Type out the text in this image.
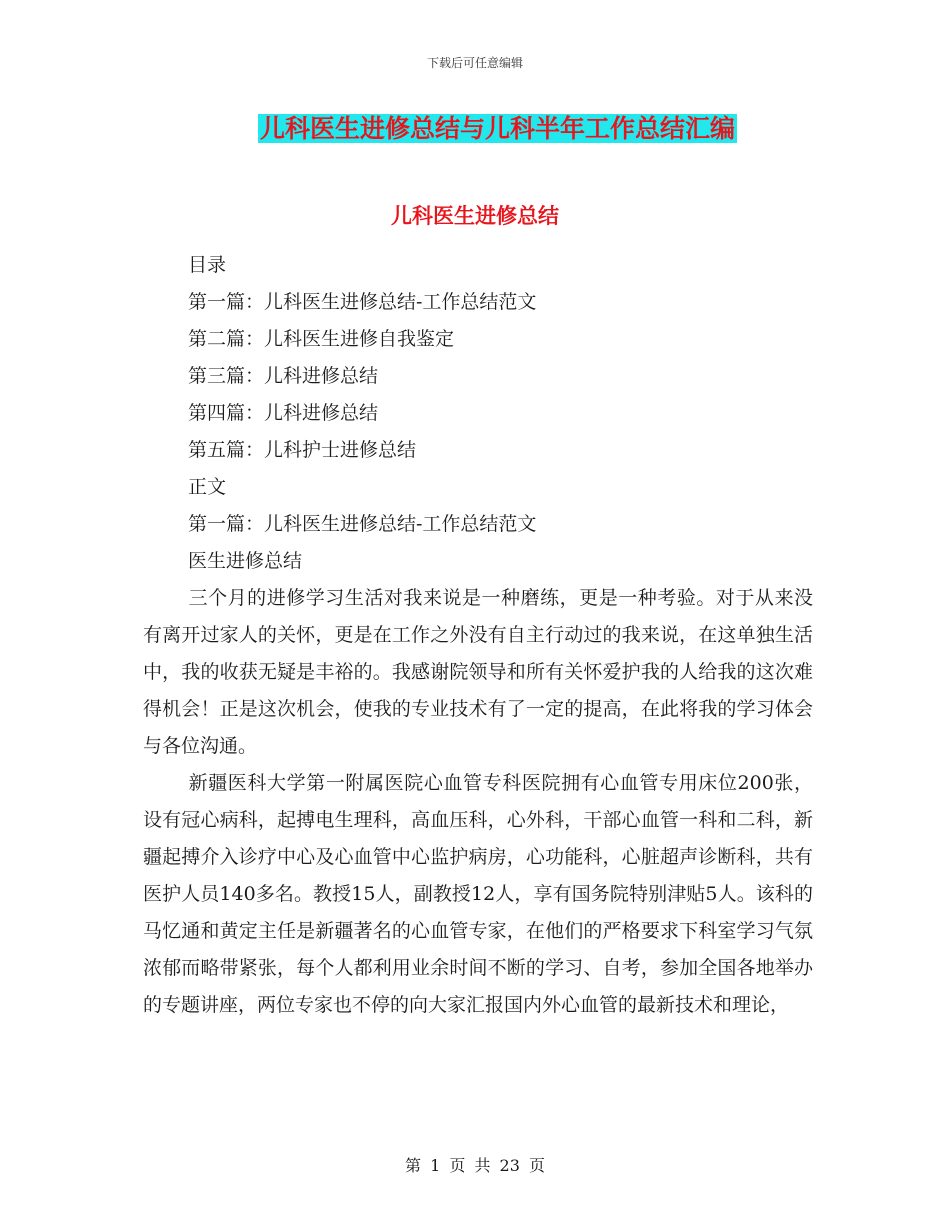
下载后可任意编辑
儿科医生进修总结与儿科半年工作总结汇编
儿科医生进修总结
目录
第一篇：儿科医生进修总结-工作总结范文
第二篇：儿科医生进修自我鉴定
第三篇：儿科进修总结
第四篇：儿科进修总结
第五篇：儿科护士进修总结
正文
第一篇：儿科医生进修总结-工作总结范文
医生进修总结

三个月的进修学习生活对我来说是一种磨练，更是一种考验。对于从来没有离开过家人的关怀，更是在工作之外没有自主行动过的我来说，在这单独生活中，我的收获无疑是丰裕的。我感谢院领导和所有关怀爱护我的人给我的这次难得机会！正是这次机会，使我的专业技术有了一定的提高，在此将我的学习体会与各位沟通。

新疆医科大学第一附属医院心血管专科医院拥有心血管专用床位200张，设有冠心病科，起搏电生理科，高血压科，心外科，干部心血管一科和二科，新疆起搏介入诊疗中心及心血管中心监护病房，心功能科，心脏超声诊断科，共有医护人员140多名。教授15人，副教授12人，享有国务院特别津贴5人。该科的马忆通和黄定主任是新疆著名的心血管专家，在他们的严格要求下科室学习气氛浓郁而略带紧张，每个人都利用业余时间不断的学习、自考，参加全国各地举办的专题讲座，两位专家也不停的向大家汇报国内外心血管的最新技术和理论，

第 1 页 共 23 页
